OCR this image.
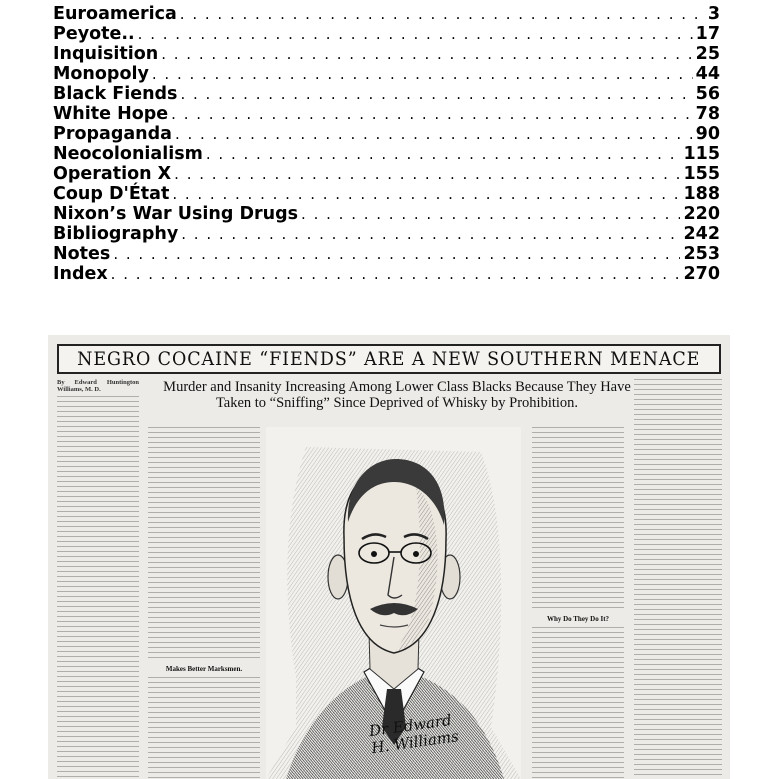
Euroamerica . . .	3
Peyote.. . . .	17
Inquisition . . .	25
Monopoly . . .	44
Black Fiends . . .	56
White Hope . . .	78
Propaganda . . .	90
Neocolonialism . . .	115
Operation X . . .	155
Coup D'État . . .	188
Nixon’s War Using Drugs . . .	220
Bibliography . . .	242
Notes . . .	253
Index . . .	270
NEGRO COCAINE “FIENDS” ARE A NEW SOUTHERN MENACE
Murder and Insanity Increasing Among Lower Class Blacks Because They Have Taken to “Sniffing” Since Deprived of Whisky by Prohibition.
By Edward Huntington Williams, M. D.
Makes Better Marksmen.
Why Do They Do It?
Dr Edward H. Williams
